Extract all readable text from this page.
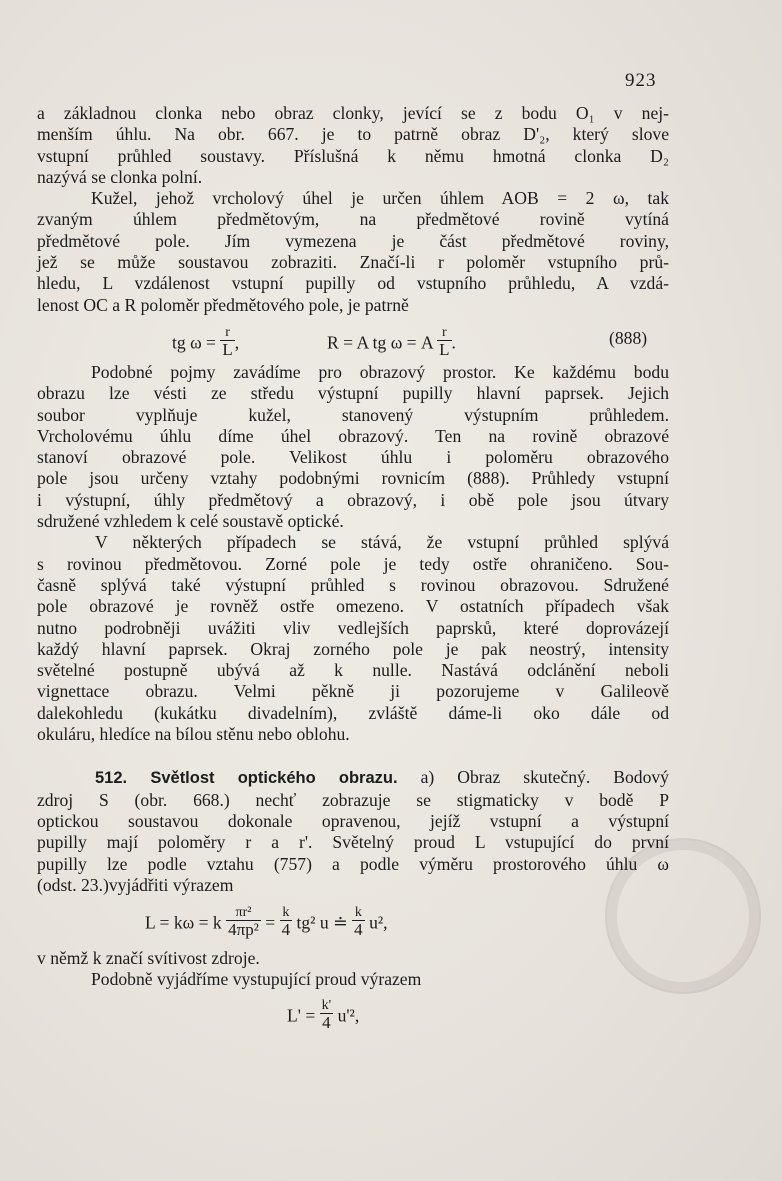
923
a základnou clonka nebo obraz clonky, jevící se z bodu O₁ v nej-
menším úhlu. Na obr. 667. je to patrně obraz D'₂, který slove
vstupní průhled soustavy. Příslušná k němu hmotná clonka D₂
nazývá se clonka polní.
Kužel, jehož vrcholový úhel je určen úhlem AOB = 2 ω, tak
zvaným úhlem předmětovým, na předmětové rovině vytíná
předmětové pole. Jím vymezena je část předmětové roviny,
jež se může soustavou zobraziti. Značí-li r poloměr vstupního prů-
hledu, L vzdálenost vstupní pupilly od vstupního průhledu, A vzdá-
lenost OC a R poloměr předmětového pole, je patrně
tg $\omega = \frac{r}{L}$ ,	R = A tg ω = A $\frac{r}{L}$ .	(888)
Podobné pojmy zavádíme pro obrazový prostor. Ke každému bodu
obrazu lze vésti ze středu výstupní pupilly hlavní paprsek. Jejich
soubor vyplňuje kužel, stanovený výstupním průhledem.
Vrcholovému úhlu díme úhel obrazový. Ten na rovině obrazové
stanoví obrazové pole. Velikost úhlu i poloměru obrazového
pole jsou určeny vztahy podobnými rovnicím (888). Průhledy vstupní
i výstupní, úhly předmětový a obrazový, i obě pole jsou útvary
sdružené vzhledem k celé soustavě optické.
V některých případech se stává, že vstupní průhled splývá
s rovinou předmětovou. Zorné pole je tedy ostře ohraničeno. Sou-
časně splývá také výstupní průhled s rovinou obrazovou. Sdružené
pole obrazové je rovněž ostře omezeno. V ostatních případech však
nutno podrobněji uvážiti vliv vedlejších paprsků, které doprovázejí
každý hlavní paprsek. Okraj zorného pole je pak neostrý, intensity
světelné postupně ubývá až k nulle. Nastává odclánění neboli
vignettace obrazu. Velmi pěkně ji pozorujeme v Galileově
dalekohledu (kukátku divadelním), zvláště dáme-li oko dále od
okuláru, hledíce na bílou stěnu nebo oblohu.
512. Světlost optického obrazu. a) Obraz skutečný. Bodový
zdroj S (obr. 668.) nechť zobrazuje se stigmaticky v bodě P
optickou soustavou dokonale opravenou, jejíž vstupní a výstupní
pupilly mají poloměry r a r'. Světelný proud L vstupující do první
pupilly lze podle vztahu (757) a podle výměru prostorového úhlu ω
(odst. 23.)vyjádřiti výrazem
L = kω = k $\frac{\text{πr²}}{\text{4πp²}} = \frac{k}{4} tg^2$ u ≐ $\frac{k}{4} u^2$,
v němž k značí svítivost zdroje.
Podobně vyjádříme vystupující proud výrazem
$L' = \frac{k'}{4} u'^2$,
